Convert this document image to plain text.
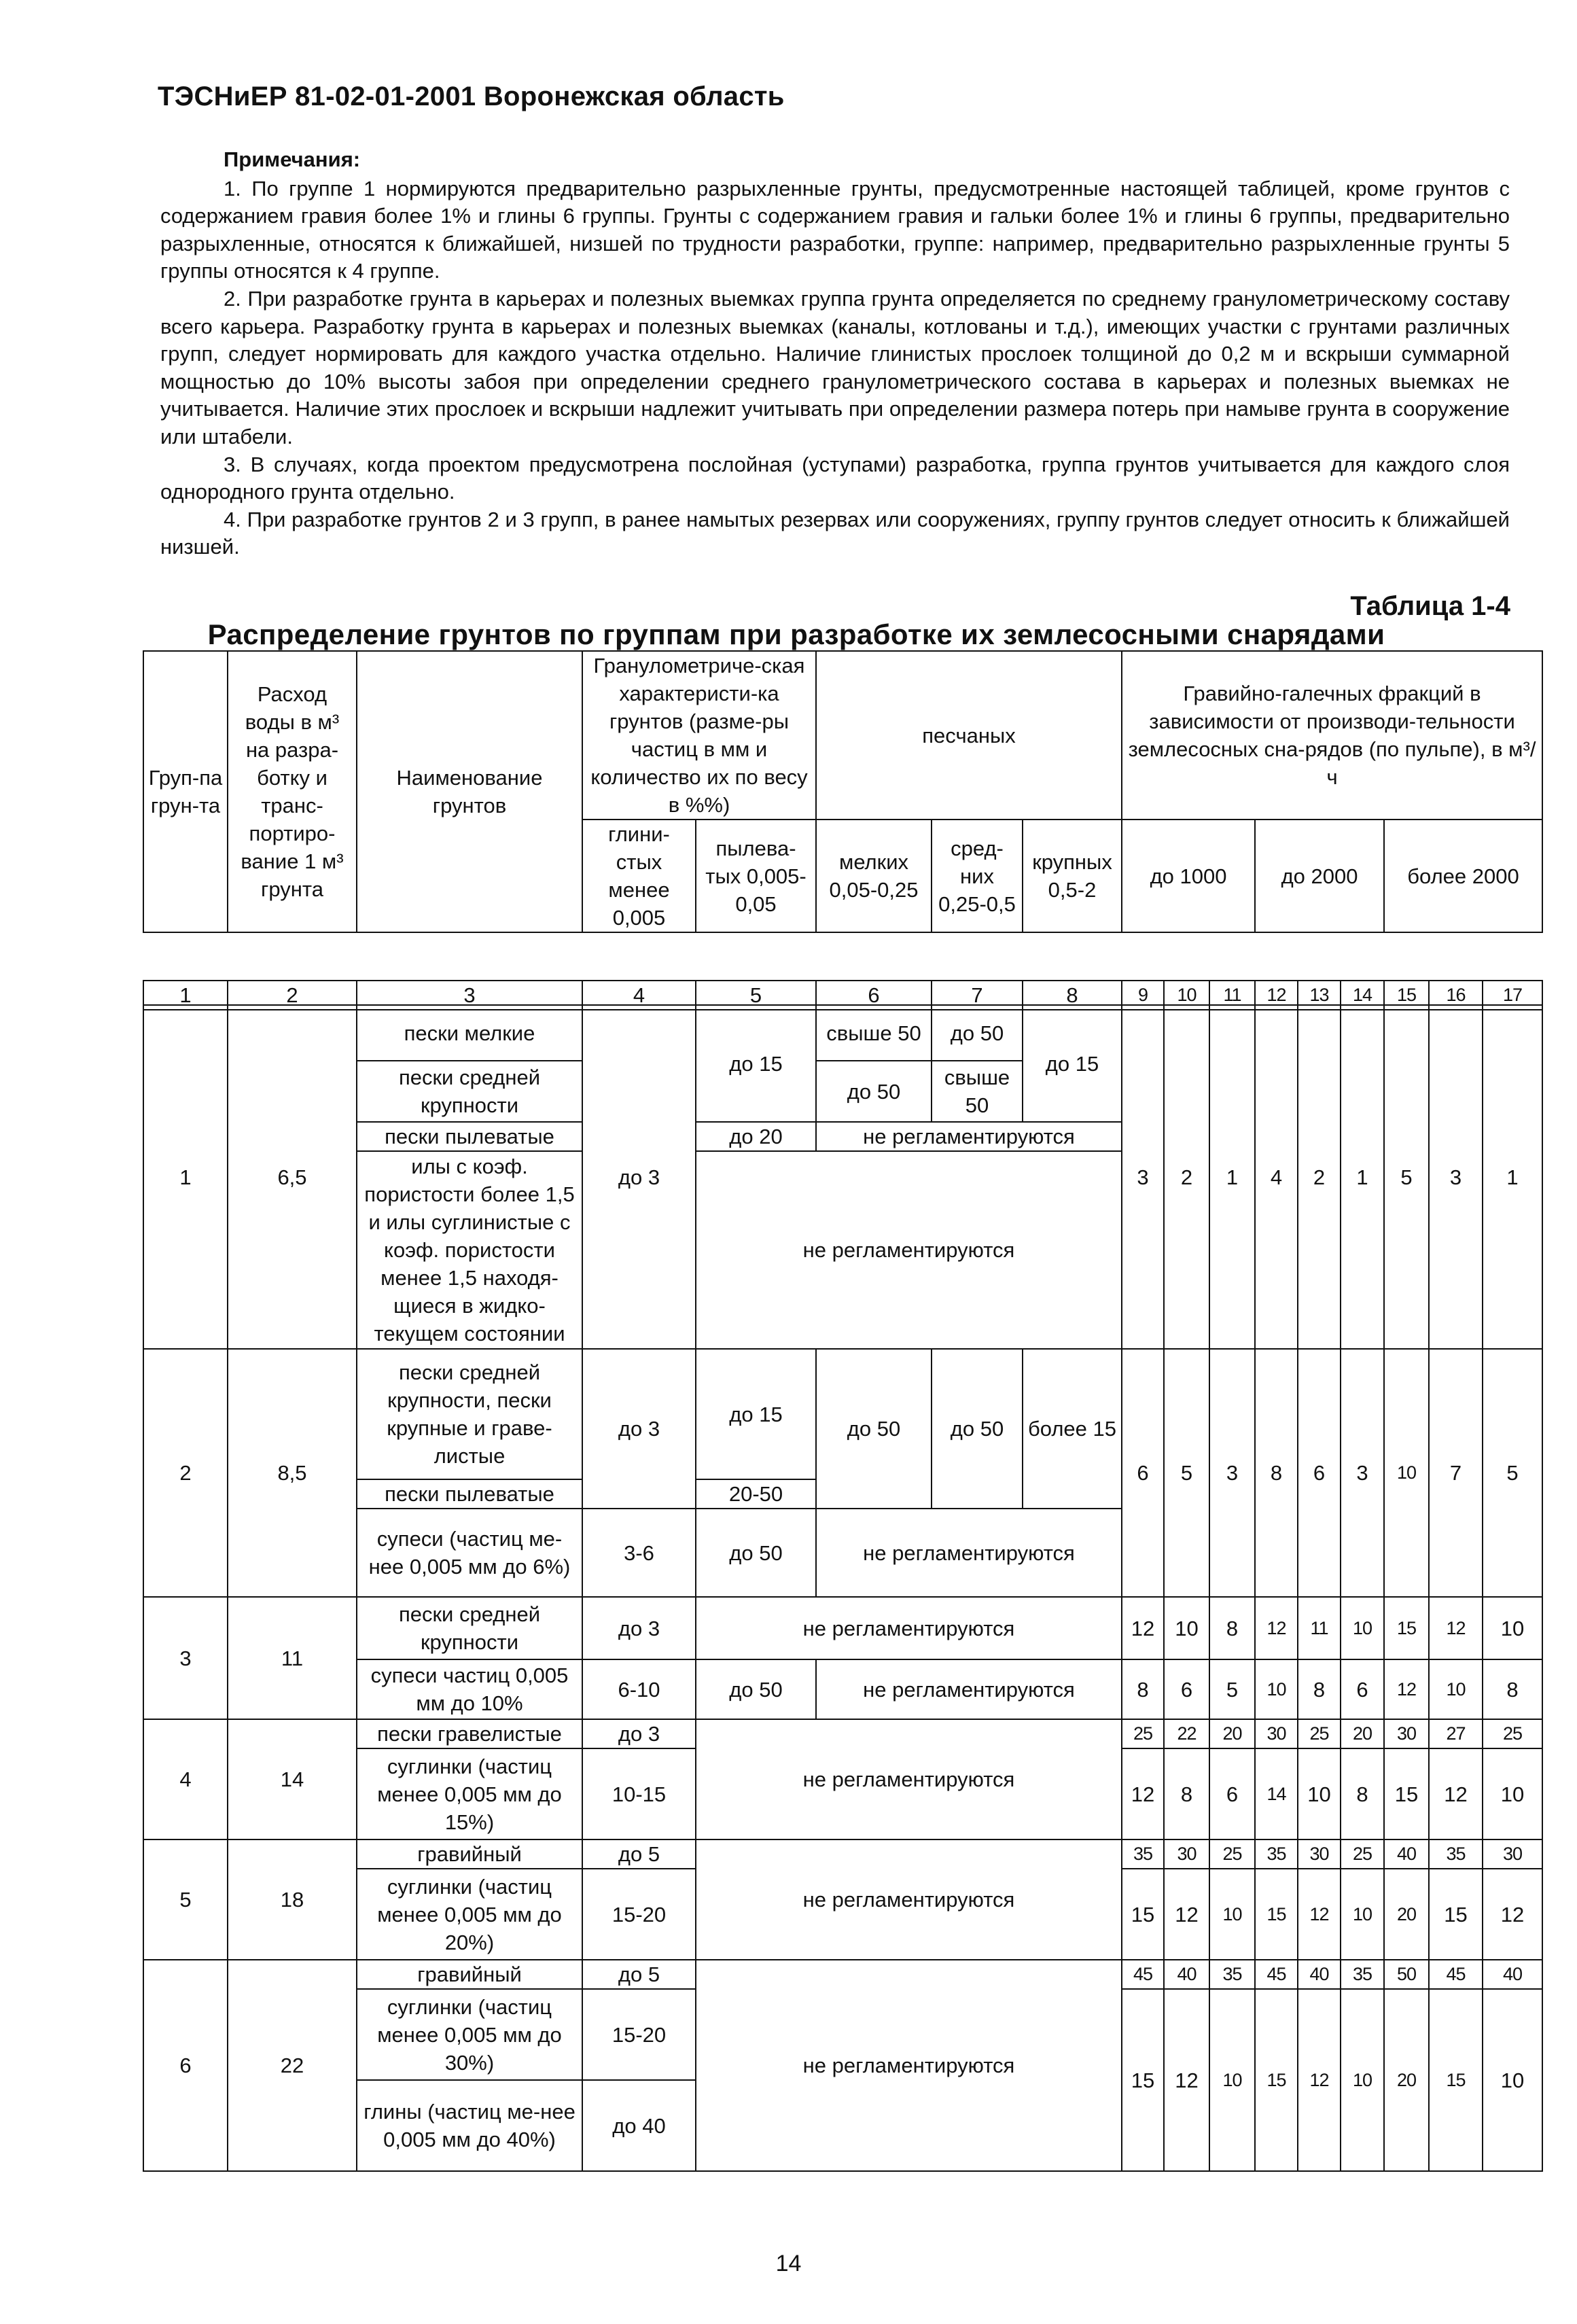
ТЭСНиЕР 81-02-01-2001 Воронежская область
Примечания:

1. По группе 1 нормируются предварительно разрыхленные грунты, предусмотренные настоящей таблицей, кроме грунтов с содержанием гравия более 1% и глины 6 группы. Грунты с содержанием гравия и гальки более 1% и глины 6 группы, предварительно разрыхленные, относятся к ближайшей, низшей по трудности разработки, группе: например, предварительно разрыхленные грунты 5 группы относятся к 4 группе.

2. При разработке грунта в карьерах и полезных выемках группа грунта определяется по среднему гранулометрическому составу всего карьера. Разработку грунта в карьерах и полезных выемках (каналы, котлованы и т.д.), имеющих участки с грунтами различных групп, следует нормировать для каждого участка отдельно. Наличие глинистых прослоек толщиной до 0,2 м и вскрыши суммарной мощностью до 10% высоты забоя при определении среднего гранулометрического состава в карьерах и полезных выемках не учитывается. Наличие этих прослоек и вскрыши надлежит учитывать при определении размера потерь при намыве грунта в сооружение или штабели.

3. В случаях, когда проектом предусмотрена послойная (уступами) разработка, группа грунтов учитывается для каждого слоя однородного грунта отдельно.

4. При разработке грунтов 2 и 3 групп, в ранее намытых резервах или сооружениях, группу грунтов следует относить к ближайшей низшей.

Таблица 1-4
Распределение грунтов по группам при разработке их землесосными снарядами
Груп-па грун-та	Расход воды в м³ на разра-ботку и транс-портиро-вание 1 м³ грунта	Наименование грунтов	Гранулометриче-ская характеристи-ка грунтов (разме-ры частиц в мм и количество их по весу в %%)		песчаных			Гравийно-галечных фракций в зависимости от производи-тельности землесосных сна-рядов (по пульпе), в м³/ч		
			глини-стых менее 0,005	пылева-тых 0,005-0,05	мелких 0,05-0,25	сред-них 0,25-0,5	крупных 0,5-2	до 1000	до 2000	более 2000
1	2	3	4	5	6	7	8	9	10	11	12	13	14	15	16	17
1	6,5	пески мелкие	до 3	до 15	свыше 50	до 50	до 15	3	2	1	4	2	1	5	3	1
		пески средней крупности			до 50	свыше 50										
		пески пылеватые		до 20	не регламентируются											
		илы с коэф. пористости более 1,5 и илы суглинистые с коэф. пористости менее 1,5 находя-щиеся в жидко-текущем состоянии		не регламентируются												

2	8,5	пески средней крупности, пески крупные и граве-листые	до 3	до 15	до 50	до 50	более 15	6	5	3	8	6	3	10	7	5
		пески пылеватые		20-50												
		супеси (частиц ме-нее 0,005 мм до 6%)	3-6	до 50	не регламентируются											
3	11	пески средней крупности	до 3	не регламентируются				12	10	8	12	11	10	15	12	10
		супеси частиц 0,005 мм до 10%	6-10	до 50	не регламентируются			8	6	5	10	8	6	12	10	8
4	14	пески гравелистые	до 3	не регламентируются				25	22	20	30	25	20	30	27	25
		суглинки (частиц менее 0,005 мм до 15%)	10-15					12	8	6	14	10	8	15	12	10
5	18	гравийный	до 5	не регламентируются				35	30	25	35	30	25	40	35	30
		суглинки (частиц менее 0,005 мм до 20%)	15-20					15	12	10	15	12	10	20	15	12
6	22	гравийный	до 5	не регламентируются				45	40	35	45	40	35	50	45	40
		суглинки (частиц менее 0,005 мм до 30%)	15-20					15	12	10	15	12	10	20	15	10
		глины (частиц ме-нее 0,005 мм до 40%)	до 40													
14
